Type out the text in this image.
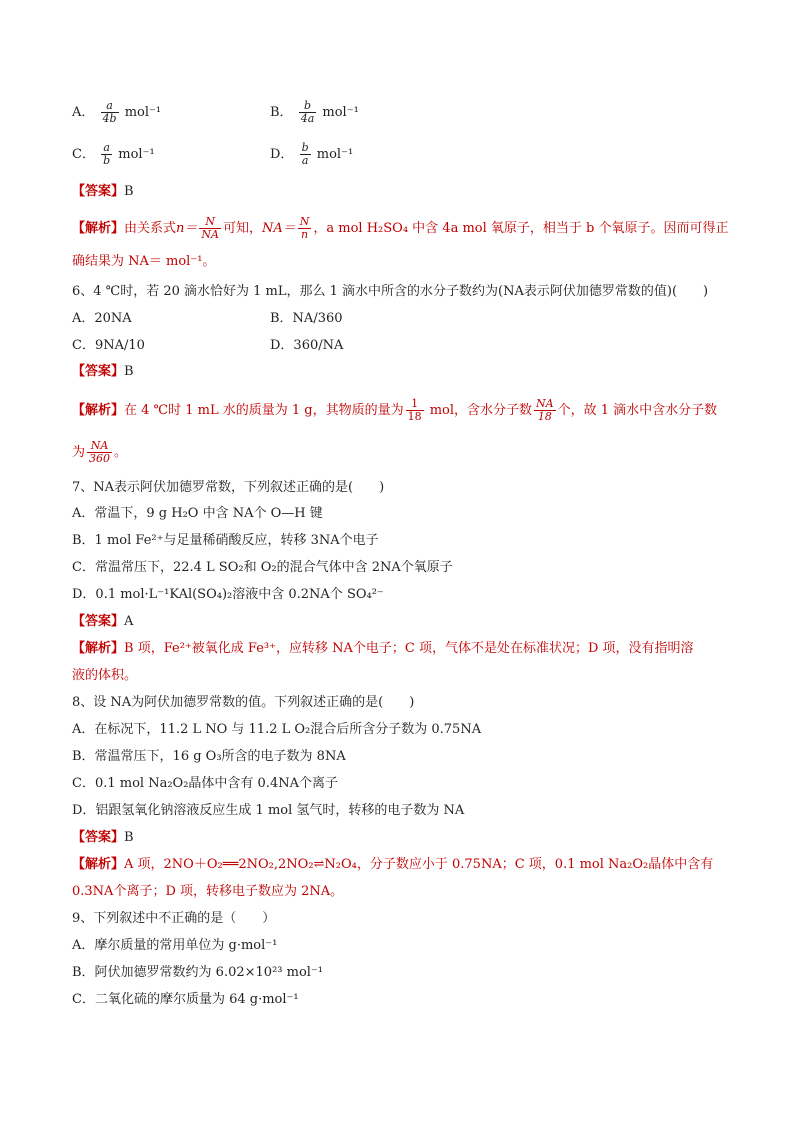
A． $\frac{a}{4b} mol^{-1}$	B． $\frac{b}{4a} mol^{-1}$
C． $\frac{a}{b} mol^{-1}$	D． $\frac{b}{a} mol^{-1}$
【答案】B
【解析】由关系式$n= \frac{N}{NA}$ 可知，$NA= \frac{N}{n}$ ，a mol H₂SO₄ 中含 4a mol 氧原子，相当于 b 个氧原子。因而可得正
确结果为 NA＝ mol⁻¹。
6、4 ℃时，若 20 滴水恰好为 1 mL，那么 1 滴水中所含的水分子数约为(NA表示阿伏加德罗常数的值)(　　)
A．20NA	B．NA/360
C．9NA/10	D．360/NA
【答案】B
【解析】在 4 ℃时 1 mL 水的质量为 1 g，其物质的量为 $\frac{1}{18}$ mol，含水分子数 $\frac{NA}{18}$ 个，故 1 滴水中含水分子数
为 $\frac{NA}{360}$ 。
7、NA表示阿伏加德罗常数，下列叙述正确的是(　　)
A．常温下，9 g H₂O 中含 NA个 O—H 键
B．1 mol Fe²⁺与足量稀硝酸反应，转移 3NA个电子
C．常温常压下，22.4 L SO₂和 O₂的混合气体中含 2NA个氧原子
D．0.1 mol·L⁻¹KAl(SO₄)₂溶液中含 0.2NA个 SO₄²⁻
【答案】A
【解析】B 项，Fe²⁺被氧化成 Fe³⁺，应转移 NA个电子；C 项，气体不是处在标准状况；D 项，没有指明溶
液的体积。
8、设 NA为阿伏加德罗常数的值。下列叙述正确的是(　　)
A．在标况下，11.2 L NO 与 11.2 L O₂混合后所含分子数为 0.75NA
B．常温常压下，16 g O₃所含的电子数为 8NA
C．0.1 mol Na₂O₂晶体中含有 0.4NA个离子
D．铝跟氢氧化钠溶液反应生成 1 mol 氢气时，转移的电子数为 NA
【答案】B
【解析】A 项，2NO＋O₂══2NO₂,2NO₂⇌N₂O₄，分子数应小于 0.75NA；C 项，0.1 mol Na₂O₂晶体中含有
0.3NA个离子；D 项，转移电子数应为 2NA。
9、下列叙述中不正确的是（　　）
A．摩尔质量的常用单位为 g·mol⁻¹
B．阿伏加德罗常数约为 6.02×10²³ mol⁻¹
C．二氧化硫的摩尔质量为 64 g·mol⁻¹
